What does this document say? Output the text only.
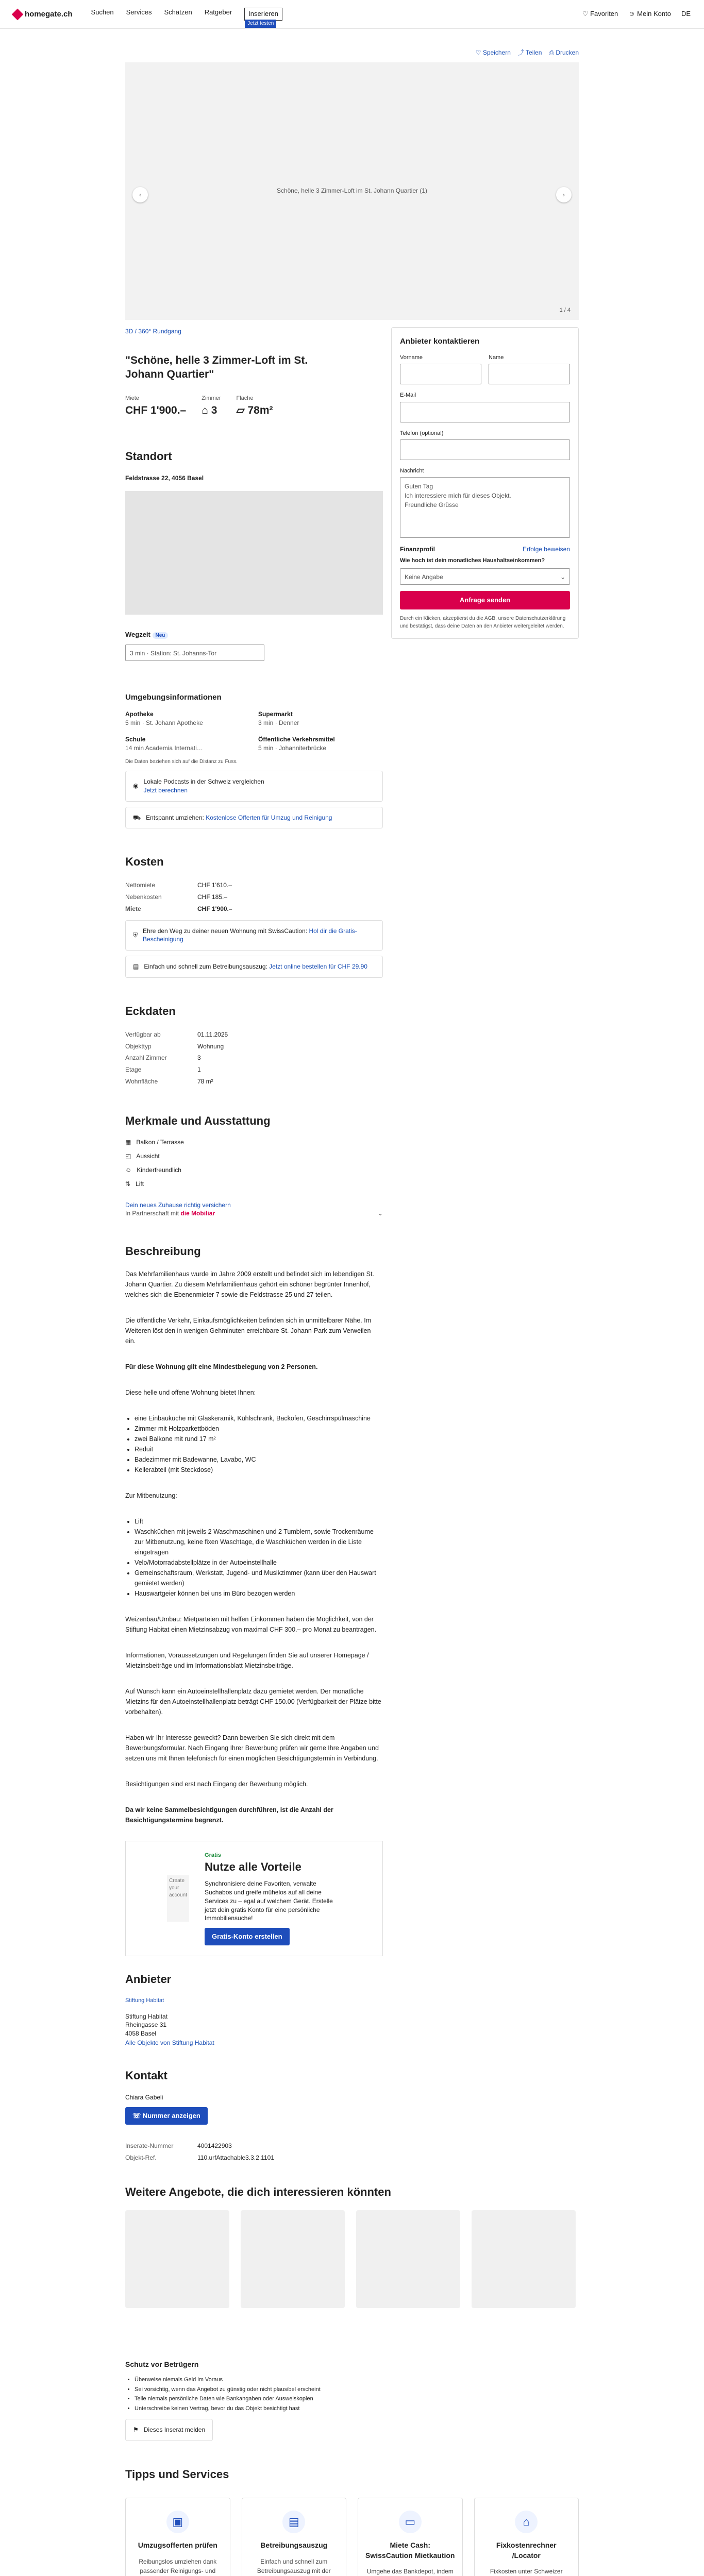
homegate.ch	Suchen Services Schätzen Ratgeber	Inserieren
Jetzt testen
♡ Favoriten ☺ Mein Konto DE
♡ Speichern ⤴ Teilen ⎙ Drucken
‹
Schöne, helle 3 Zimmer-Loft im St. Johann Quartier (1)
›
1 / 4
3D / 360° Rundgang
"Schöne, helle 3 Zimmer-Loft im St. Johann Quartier"
Miete
CHF 1'900.–
Zimmer
⌂ 3
Fläche
▱ 78m²
Standort
Feldstrasse 22, 4056 Basel
Wegzeit Neu
3 min · Station: St. Johanns-Tor
Umgebungsinformationen
Apotheke
5 min · St. Johann Apotheke
Supermarkt
3 min · Denner
Schule
14 min Academia Internati…
Öffentliche Verkehrsmittel
5 min · Johanniterbrücke
Die Daten beziehen sich auf die Distanz zu Fuss.
◉
Lokale Podcasts in der Schweiz vergleichen
Jetzt berechnen
⛟ Entspannt umziehen: Kostenlose Offerten für Umzug und Reinigung
Kosten
Nettomiete	CHF 1'610.–
Nebenkosten	CHF 185.–
Miete	CHF 1'900.–
⛨
Ehre den Weg zu deiner neuen Wohnung mit SwissCaution: Hol dir die Gratis-Bescheinigung
▤ Einfach und schnell zum Betreibungsauszug: Jetzt online bestellen für CHF 29.90
Eckdaten
Verfügbar ab	01.11.2025
Objekttyp	Wohnung
Anzahl Zimmer	3
Etage	1
Wohnfläche	78 m²
Merkmale und Ausstattung
▦ Balkon / Terrasse
◰ Aussicht
☺ Kinderfreundlich
⇅ Lift
Dein neues Zuhause richtig versichern
In Partnerschaft mit die Mobiliar	⌄
Beschreibung

Das Mehrfamilienhaus wurde im Jahre 2009 erstellt und befindet sich im lebendigen St. Johann Quartier. Zu diesem Mehrfamilienhaus gehört ein schöner begrünter Innenhof, welches sich die Ebenenmieter 7 sowie die Feldstrasse 25 und 27 teilen.

Die öffentliche Verkehr, Einkaufsmöglichkeiten befinden sich in unmittelbarer Nähe. Im Weiteren löst den in wenigen Gehminuten erreichbare St. Johann-Park zum Verweilen ein.

Für diese Wohnung gilt eine Mindestbelegung von 2 Personen.

Diese helle und offene Wohnung bietet Ihnen:

• eine Einbauküche mit Glaskeramik, Kühlschrank, Backofen, Geschirrspülmaschine
• Zimmer mit Holzparkettböden
• zwei Balkone mit rund 17 m²
• Reduit
• Badezimmer mit Badewanne, Lavabo, WC
• Kellerabteil (mit Steckdose)

Zur Mitbenutzung:

• Lift
• Waschküchen mit jeweils 2 Waschmaschinen und 2 Tumblern, sowie Trockenräume zur Mitbenutzung, keine fixen Waschtage, die Waschküchen werden in die Liste eingetragen
• Velo/Motorradabstellplätze in der Autoeinstellhalle
• Gemeinschaftsraum, Werkstatt, Jugend- und Musikzimmer (kann über den Hauswart gemietet werden)
• Hauswartgeier können bei uns im Büro bezogen werden

Weizenbau/Umbau: Mietparteien mit helfen Einkommen haben die Möglichkeit, von der Stiftung Habitat einen Mietzinsabzug von maximal CHF 300.– pro Monat zu beantragen.

Informationen, Voraussetzungen und Regelungen finden Sie auf unserer Homepage / Mietzinsbeiträge und im Informationsblatt Mietzinsbeiträge.

Auf Wunsch kann ein Autoeinstellhallenplatz dazu gemietet werden. Der monatliche Mietzins für den Autoeinstellhallenplatz beträgt CHF 150.00 (Verfügbarkeit der Plätze bitte vorbehalten).

Haben wir Ihr Interesse geweckt? Dann bewerben Sie sich direkt mit dem Bewerbungsformular. Nach Eingang Ihrer Bewerbung prüfen wir gerne Ihre Angaben und setzen uns mit Ihnen telefonisch für einen möglichen Besichtigungstermin in Verbindung.

Besichtigungen sind erst nach Eingang der Bewerbung möglich.

Da wir keine Sammelbesichtigungen durchführen, ist die Anzahl der Besichtigungstermine begrenzt.

Create your account
Gratis
Nutze alle Vorteile
Synchronisiere deine Favoriten, verwalte Suchabos und greife mühelos auf all deine Services zu – egal auf welchem Gerät. Erstelle jetzt dein gratis Konto für eine persönliche Immobiliensuche!
Gratis-Konto erstellen
Anbieter
Stiftung Habitat
Stiftung Habitat
Rheingasse 31
4058 Basel
Alle Objekte von Stiftung Habitat
Kontakt
Chiara Gabeli
☏ Nummer anzeigen
Inserate-Nummer	4001422903
Objekt-Ref.	110.urfAttachable3.3.2.1101
Anbieter kontaktieren
Vorname	Name
E-Mail
Telefon (optional)
Nachricht
Guten Tag
Ich interessiere mich für dieses Objekt.
Freundliche Grüsse
Finanzprofil	Erfolge beweisen
Wie hoch ist dein monatliches Haushaltseinkommen?
Keine Angabe	⌄
Anfrage senden
Durch ein Klicken, akzeptierst du die AGB, unsere Datenschutzerklärung und bestätigst, dass deine Daten an den Anbieter weitergeleitet werden.
Weitere Angebote, die dich interessieren könnten
Schutz vor Betrügern
• Überweise niemals Geld im Voraus
• Sei vorsichtig, wenn das Angebot zu günstig oder nicht plausibel erscheint
• Teile niemals persönliche Daten wie Bankangaben oder Ausweiskopien
• Unterschreibe keinen Vertrag, bevor du das Objekt besichtigt hast
⚑ Dieses Inserat melden
Tipps und Services
▣
Umzugsofferten prüfen
Reibungslos umziehen dank passender Reinigungs- und
▤
Betreibungsauszug
Einfach und schnell zum Betreibungsauszug mit der
▭
Miete Cash: SwissCaution Mietkaution
Umgehe das Bankdepot, indem
⌂
Fixkostenrechner /Locator
Fixkosten unter Schweizer
